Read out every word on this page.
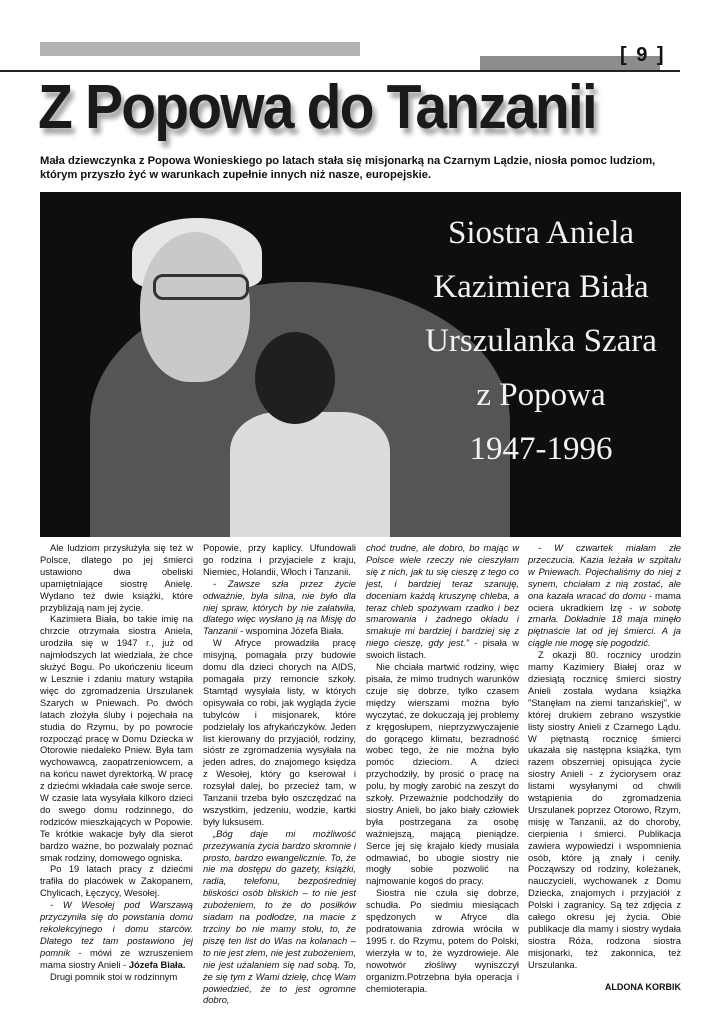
[ 9 ]
Z Popowa do Tanzanii

Mała dziewczynka z Popowa Wonieskiego po latach stała się misjonarką na Czarnym Lądzie, niosła pomoc ludziom, którym przyszło żyć w warunkach zupełnie innych niż nasze, europejskie.

Siostra Aniela
Kazimiera Biała
Urszulanka Szara
z Popowa
1947-1996

Ale ludziom przysłużyła się też w Polsce, dlatego po jej śmierci ustawiono dwa obeliski upamiętniające siostrę Anielę. Wydano też dwie książki, które przybliżają nam jej życie.

Kazimiera Biała, bo takie imię na chrzcie otrzymała siostra Aniela, urodziła się w 1947 r., już od najmłodszych lat wiedziała, że chce służyć Bogu. Po ukończeniu liceum w Lesznie i zdaniu matury wstąpiła więc do zgromadzenia Urszulanek Szarych w Pniewach. Po dwóch latach złożyła śluby i pojechała na studia do Rzymu, by po powrocie rozpocząć pracę w Domu Dziecka w Otorowie niedaleko Pniew. Była tam wychowawcą, zaopatrzeniowcem, a na końcu nawet dyrektorką. W pracę z dziećmi wkładała całe swoje serce. W czasie lata wysyłała kilkoro dzieci do swego domu rodzinnego, do rodziców mieszkających w Popowie. Te krótkie wakacje były dla sierot bardzo ważne, bo pozwalały poznać smak rodziny, domowego ogniska.

Po 19 latach pracy z dziećmi trafiła do placówek w Zakopanem, Chylicach, Łęczycy, Wesołej.

- W Wesołej pod Warszawą przyczyniła się do powstania domu rekolekcyjnego i domu starców. Dlatego też tam postawiono jej pomnik - mówi ze wzruszeniem mama siostry Anieli - Józefa Biała.

Drugi pomnik stoi w rodzinnym

Popowie, przy kaplicy. Ufundowali go rodzina i przyjaciele z kraju, Niemiec, Holandii, Włoch i Tanzanii.

- Zawsze szła przez życie odważnie, była silna, nie było dla niej spraw, których by nie załatwiła, dlatego więc wysłano ją na Misję do Tanzanii - wspomina Józefa Biała.

W Afryce prowadziła pracę misyjną, pomagała przy budowie domu dla dzieci chorych na AIDS, pomagała przy remoncie szkoły. Stamtąd wysyłała listy, w których opisywała co robi, jak wygląda życie tubylców i misjonarek, które podzielały los afrykańczyków. Jeden list kierowany do przyjaciół, rodziny, sióstr ze zgromadzenia wysyłała na jeden adres, do znajomego księdza z Wesołej, który go kserował i rozsyłał dalej, bo przecież tam, w Tanzanii trzeba było oszczędzać na wszystkim, jedzeniu, wodzie, kartki były luksusem.

„Bóg daje mi możliwość przeżywania życia bardzo skromnie i prosto, bardzo ewangelicznie. To, że nie ma dostępu do gazety, książki, radia, telefonu, bezpośredniej bliskości osób bliskich – to nie jest zubożeniem, to że do posiłków siadam na podłodze, na macie z trzciny bo nie mamy stołu, to, że piszę ten list do Was na kolanach – to nie jest złem, nie jest zubożeniem, nie jest użalaniem się nad sobą. To, że się tym z Wami dzielę, chcę Wam powiedzieć, że to jest ogromne dobro,

choć trudne, ale dobro, bo mając w Polsce wiele rzeczy nie cieszyłam się z nich, jak tu się cieszę z tego co jest, i bardziej teraz szanuję, doceniam każdą kruszynę chleba, a teraz chleb spożywam rzadko i bez smarowania i żadnego okładu i smakuje mi bardziej i bardziej się z niego cieszę, gdy jest.” - pisała w swoich listach.

Nie chciała martwić rodziny, więc pisała, że mimo trudnych warunków czuje się dobrze, tylko czasem między wierszami można było wyczytać, że dokuczają jej problemy z kręgosłupem, nieprzyzwyczajenie do gorącego klimatu, bezradność wobec tego, że nie można było pomóc dzieciom. A dzieci przychodziły, by prosić o pracę na polu, by mogły zarobić na zeszyt do szkoły. Przeważnie podchodziły do siostry Anieli, bo jako biały człowiek była postrzegana za osobę ważniejszą, mającą pieniądze. Serce jej się krajało kiedy musiała odmawiać, bo ubogie siostry nie mogły sobie pozwolić na najmowanie kogoś do pracy.

Siostra nie czuła się dobrze, schudła. Po siedmiu miesiącach spędzonych w Afryce dla podratowania zdrowia wróciła w 1995 r. do Rzymu, potem do Polski, wierzyła w to, że wyzdrowieje. Ale nowotwór złośliwy wyniszczył organizm.Potrzebna była operacja i chemioterapia.

- W czwartek miałam złe przeczucia. Kazia leżała w szpitalu w Pniewach. Pojechaliśmy do niej z synem, chciałam z nią zostać, ale ona kazała wracać do domu - mama ociera ukradkiem łzę - w sobotę zmarła. Dokładnie 18 maja minęło piętnaście lat od jej śmierci. A ja ciągle nie mogę się pogodzić.

Z okazji 80. rocznicy urodzin mamy Kazimiery Białej oraz w dziesiątą rocznicę śmierci siostry Anieli została wydana książka "Stanęłam na ziemi tanzańskiej", w której drukiem zebrano wszystkie listy siostry Anieli z Czarnego Lądu. W piętnastą rocznicę śmierci ukazała się następna książka, tym razem obszerniej opisująca życie siostry Anieli - z życiorysem oraz listami wysyłanymi od chwili wstąpienia do zgromadzenia Urszulanek poprzez Otorowo, Rzym, misję w Tanzanii, aż do choroby, cierpienia i śmierci. Publikacja zawiera wypowiedzi i wspomnienia osób, które ją znały i ceniły. Począwszy od rodziny, koleżanek, nauczycieli, wychowanek z Domu Dziecka, znajomych i przyjaciół z Polski i zagranicy. Są też zdjęcia z całego okresu jej życia. Obie publikacje dla mamy i siostry wydała siostra Róża, rodzona siostra misjonarki, też zakonnica, też Urszulanka.

ALDONA KORBIK
